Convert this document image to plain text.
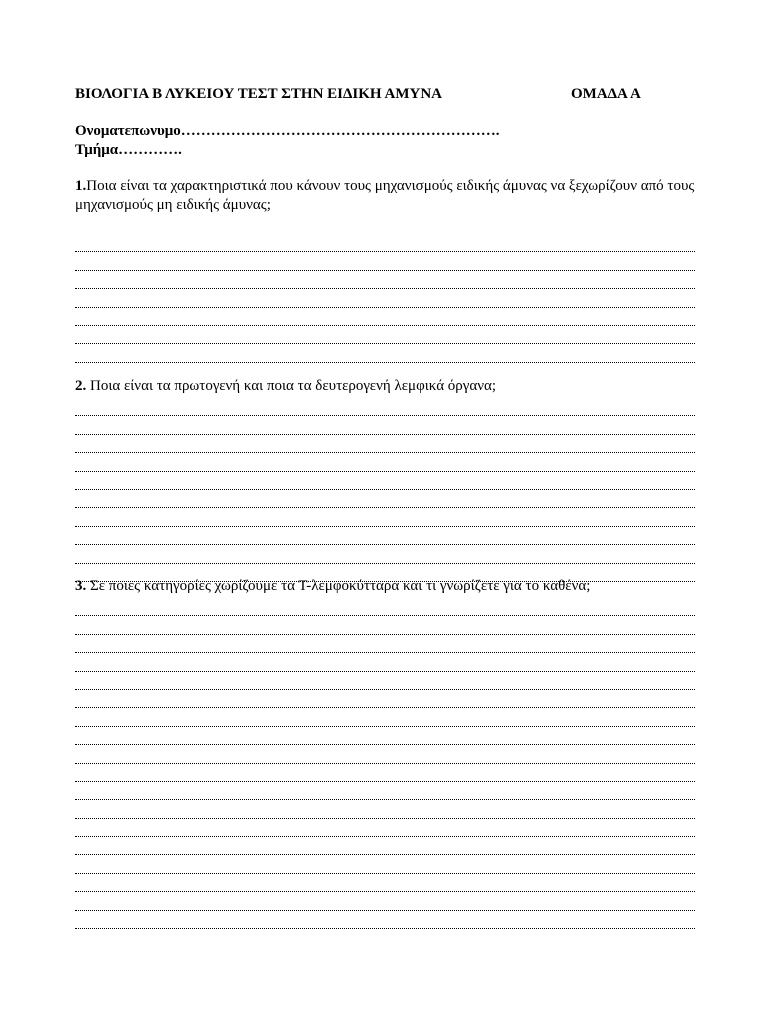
ΒΙΟΛΟΓΙΑ Β ΛΥΚΕΙΟΥ ΤΕΣΤ ΣΤΗΝ ΕΙΔΙΚΗ ΑΜΥΝΑ	ΟΜΑΔΑ Α
Ονοματεπωνυμο……………………………………………………….
Τμήμα………….
1.Ποια είναι τα χαρακτηριστικά που κάνουν τους μηχανισμούς ειδικής άμυνας να ξεχωρίζουν από τους μηχανισμούς μη ειδικής άμυνας;
2. Ποια είναι τα πρωτογενή και ποια τα δευτερογενή λεμφικά όργανα;
3. Σε ποιες κατηγορίες χωρίζουμε τα Τ-λεμφοκύτταρα και τι γνωρίζετε για το καθένα;
